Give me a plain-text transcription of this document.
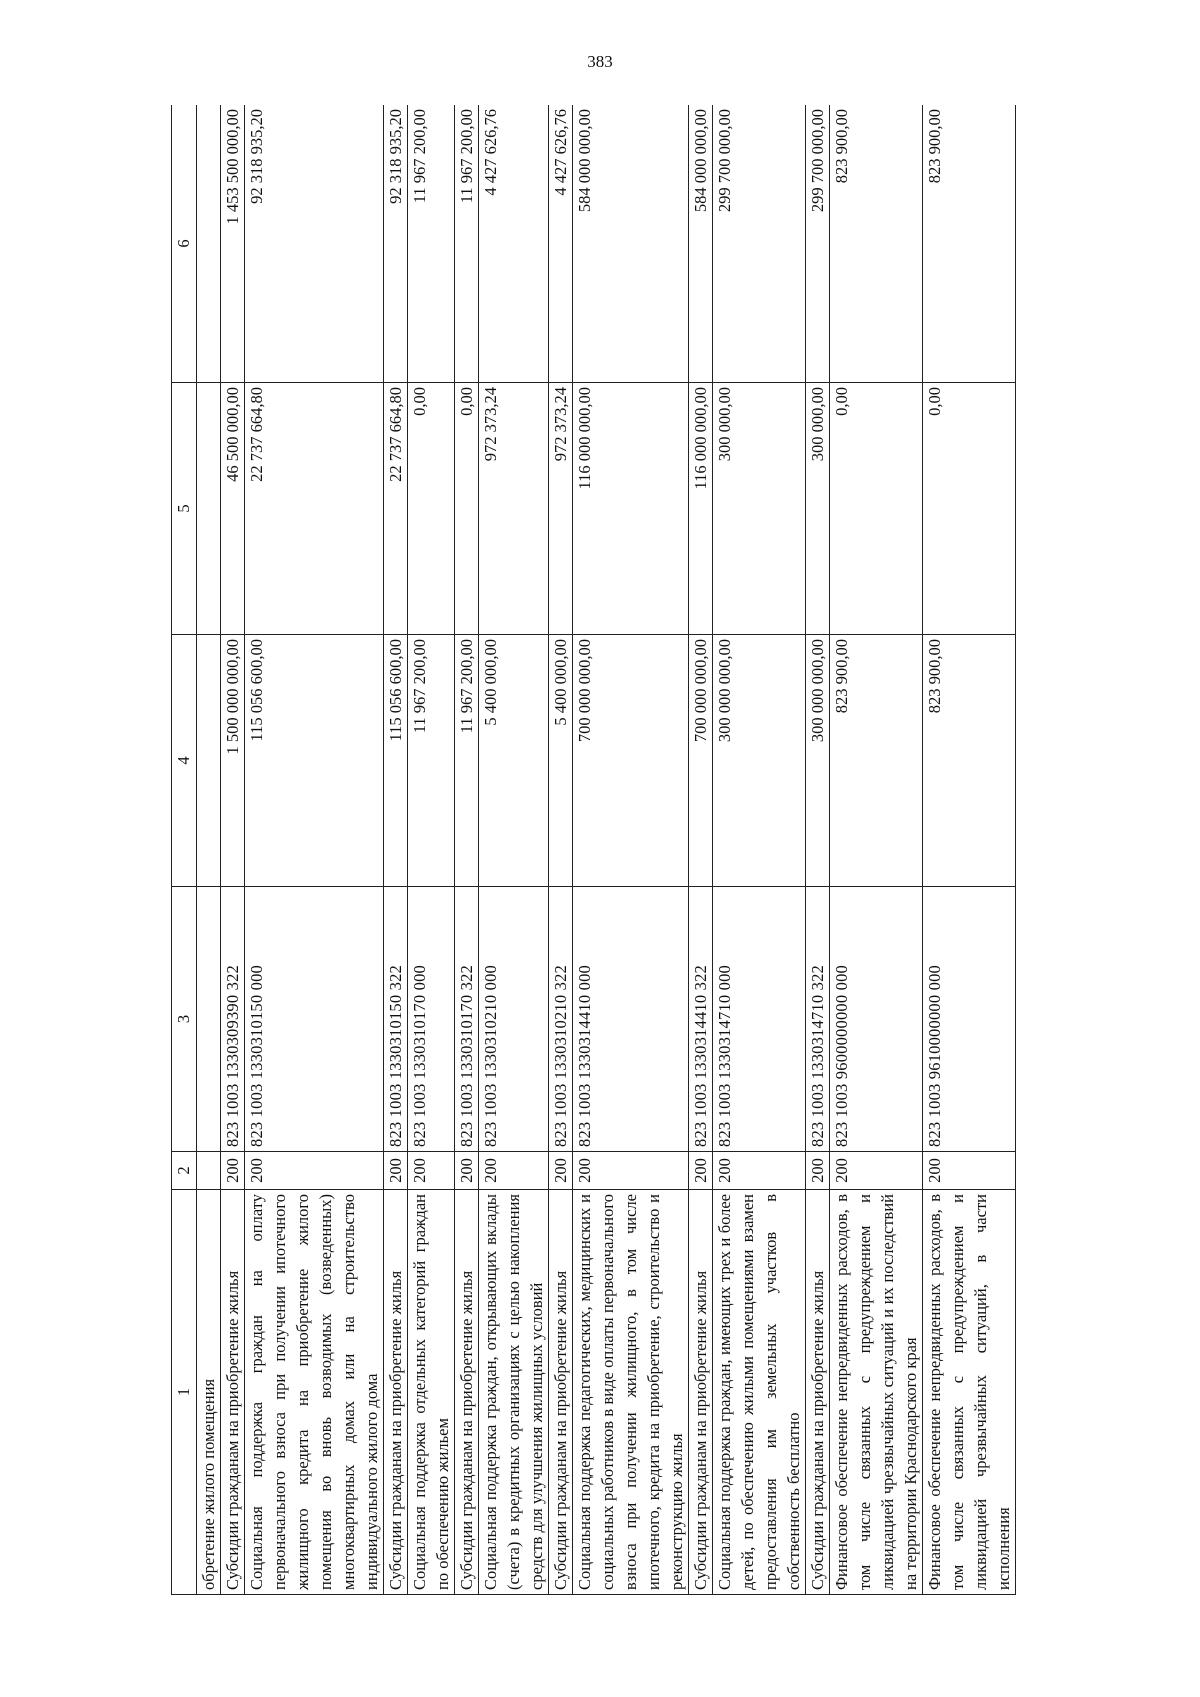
383
1	2	3	4	5	6
обретение жилого помещения					
Субсидии гражданам на приобретение жилья	200	823 1003 1330309390 322	1 500 000 000,00	46 500 000,00	1 453 500 000,00
Социальная поддержка граждан на оплату первоначального взноса при получении ипотечного жилищного кредита на приобретение жилого помещения во вновь возводимых (возведенных) многоквартирных домах или на строительство индивидуального жилого дома	200	823 1003 1330310150 000	115 056 600,00	22 737 664,80	92 318 935,20
Субсидии гражданам на приобретение жилья	200	823 1003 1330310150 322	115 056 600,00	22 737 664,80	92 318 935,20
Социальная поддержка отдельных категорий граждан по обеспечению жильем	200	823 1003 1330310170 000	11 967 200,00	0,00	11 967 200,00
Субсидии гражданам на приобретение жилья	200	823 1003 1330310170 322	11 967 200,00	0,00	11 967 200,00
Социальная поддержка граждан, открывающих вклады (счета) в кредитных организациях с целью накопления средств для улучшения жилищных условий	200	823 1003 1330310210 000	5 400 000,00	972 373,24	4 427 626,76
Субсидии гражданам на приобретение жилья	200	823 1003 1330310210 322	5 400 000,00	972 373,24	4 427 626,76
Социальная поддержка педагогических, медицинских и социальных работников в виде оплаты первоначального взноса при получении жилищного, в том числе ипотечного, кредита на приобретение, строительство и реконструкцию жилья	200	823 1003 1330314410 000	700 000 000,00	116 000 000,00	584 000 000,00
Субсидии гражданам на приобретение жилья	200	823 1003 1330314410 322	700 000 000,00	116 000 000,00	584 000 000,00
Социальная поддержка граждан, имеющих трех и более детей, по обеспечению жилыми помещениями взамен предоставления им земельных участков в собственность бесплатно	200	823 1003 1330314710 000	300 000 000,00	300 000,00	299 700 000,00
Субсидии гражданам на приобретение жилья	200	823 1003 1330314710 322	300 000 000,00	300 000,00	299 700 000,00
Финансовое обеспечение непредвиденных расходов, в том числе связанных с предупреждением и ликвидацией чрезвычайных ситуаций и их последствий на территории Краснодарского края	200	823 1003 9600000000 000	823 900,00	0,00	823 900,00
Финансовое обеспечение непредвиденных расходов, в том числе связанных с предупреждением и ликвидацией чрезвычайных ситуаций, в части исполнения	200	823 1003 9610000000 000	823 900,00	0,00	823 900,00
